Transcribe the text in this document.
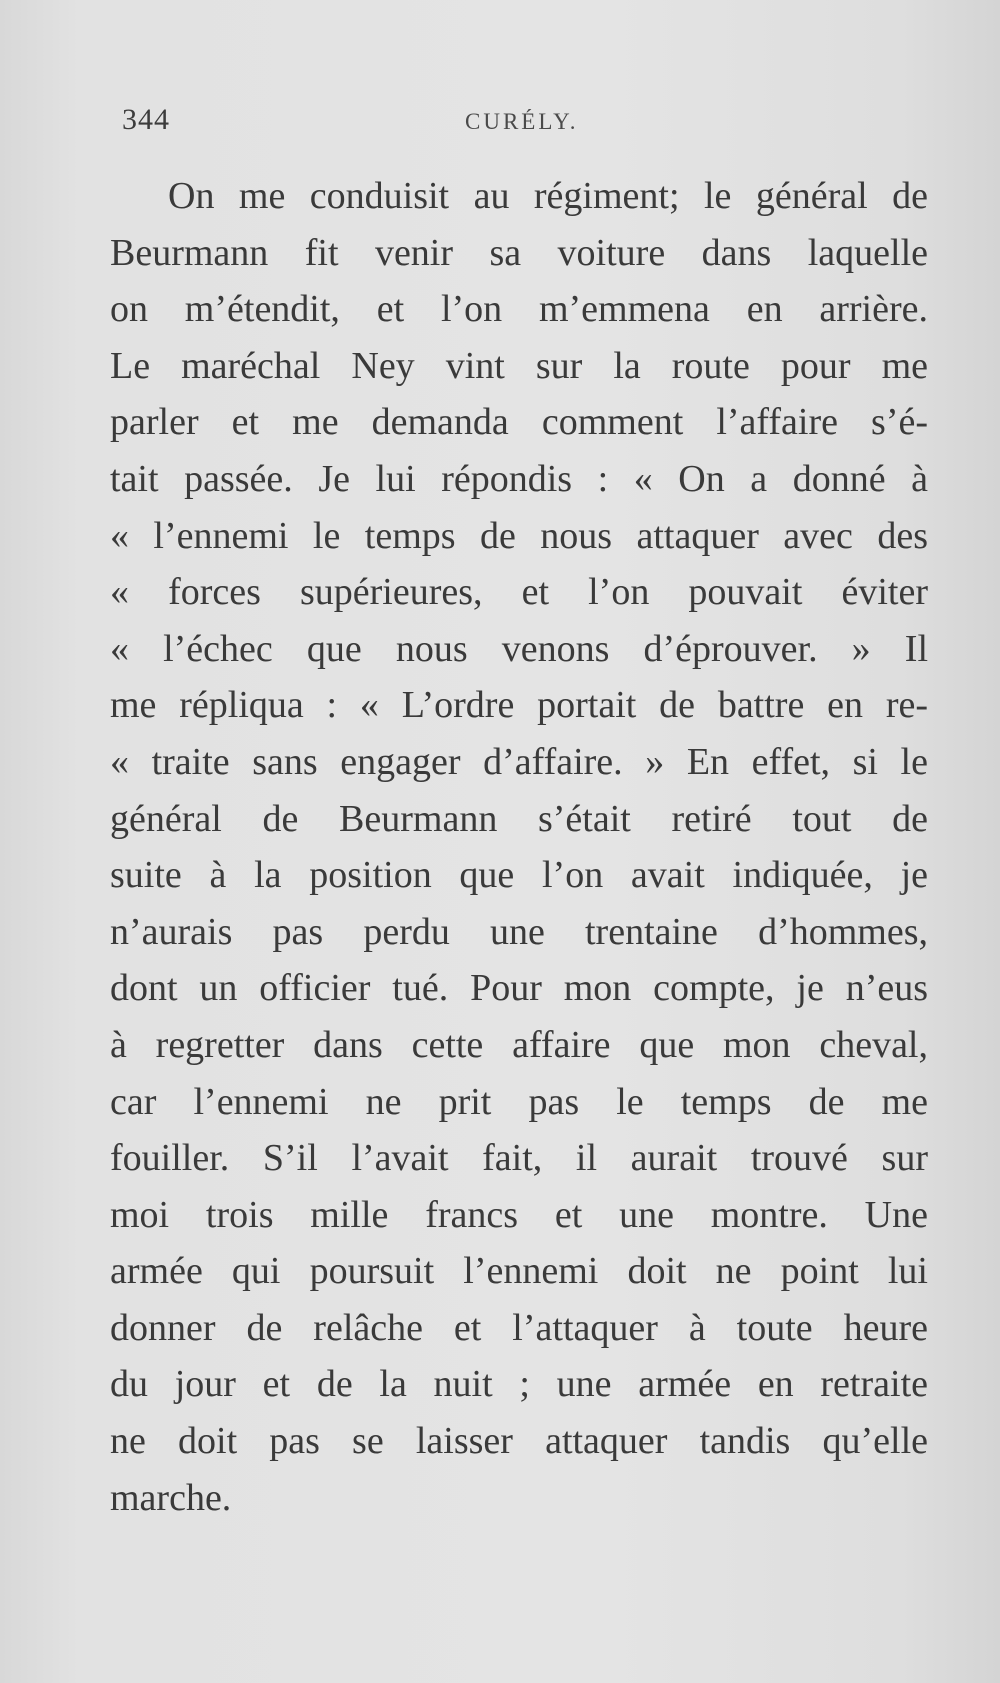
344	CURÉLY.
On me conduisit au régiment; le général de
Beurmann fit venir sa voiture dans laquelle
on m’étendit, et l’on m’emmena en arrière.
Le maréchal Ney vint sur la route pour me
parler et me demanda comment l’affaire s’é-
tait passée. Je lui répondis : « On a donné à
« l’ennemi le temps de nous attaquer avec des
« forces supérieures, et l’on pouvait éviter
« l’échec que nous venons d’éprouver. » Il
me répliqua : « L’ordre portait de battre en re-
« traite sans engager d’affaire. » En effet, si le
général de Beurmann s’était retiré tout de
suite à la position que l’on avait indiquée, je
n’aurais pas perdu une trentaine d’hommes,
dont un officier tué. Pour mon compte, je n’eus
à regretter dans cette affaire que mon cheval,
car l’ennemi ne prit pas le temps de me
fouiller. S’il l’avait fait, il aurait trouvé sur
moi trois mille francs et une montre. Une
armée qui poursuit l’ennemi doit ne point lui
donner de relâche et l’attaquer à toute heure
du jour et de la nuit ; une armée en retraite
ne doit pas se laisser attaquer tandis qu’elle
marche.
